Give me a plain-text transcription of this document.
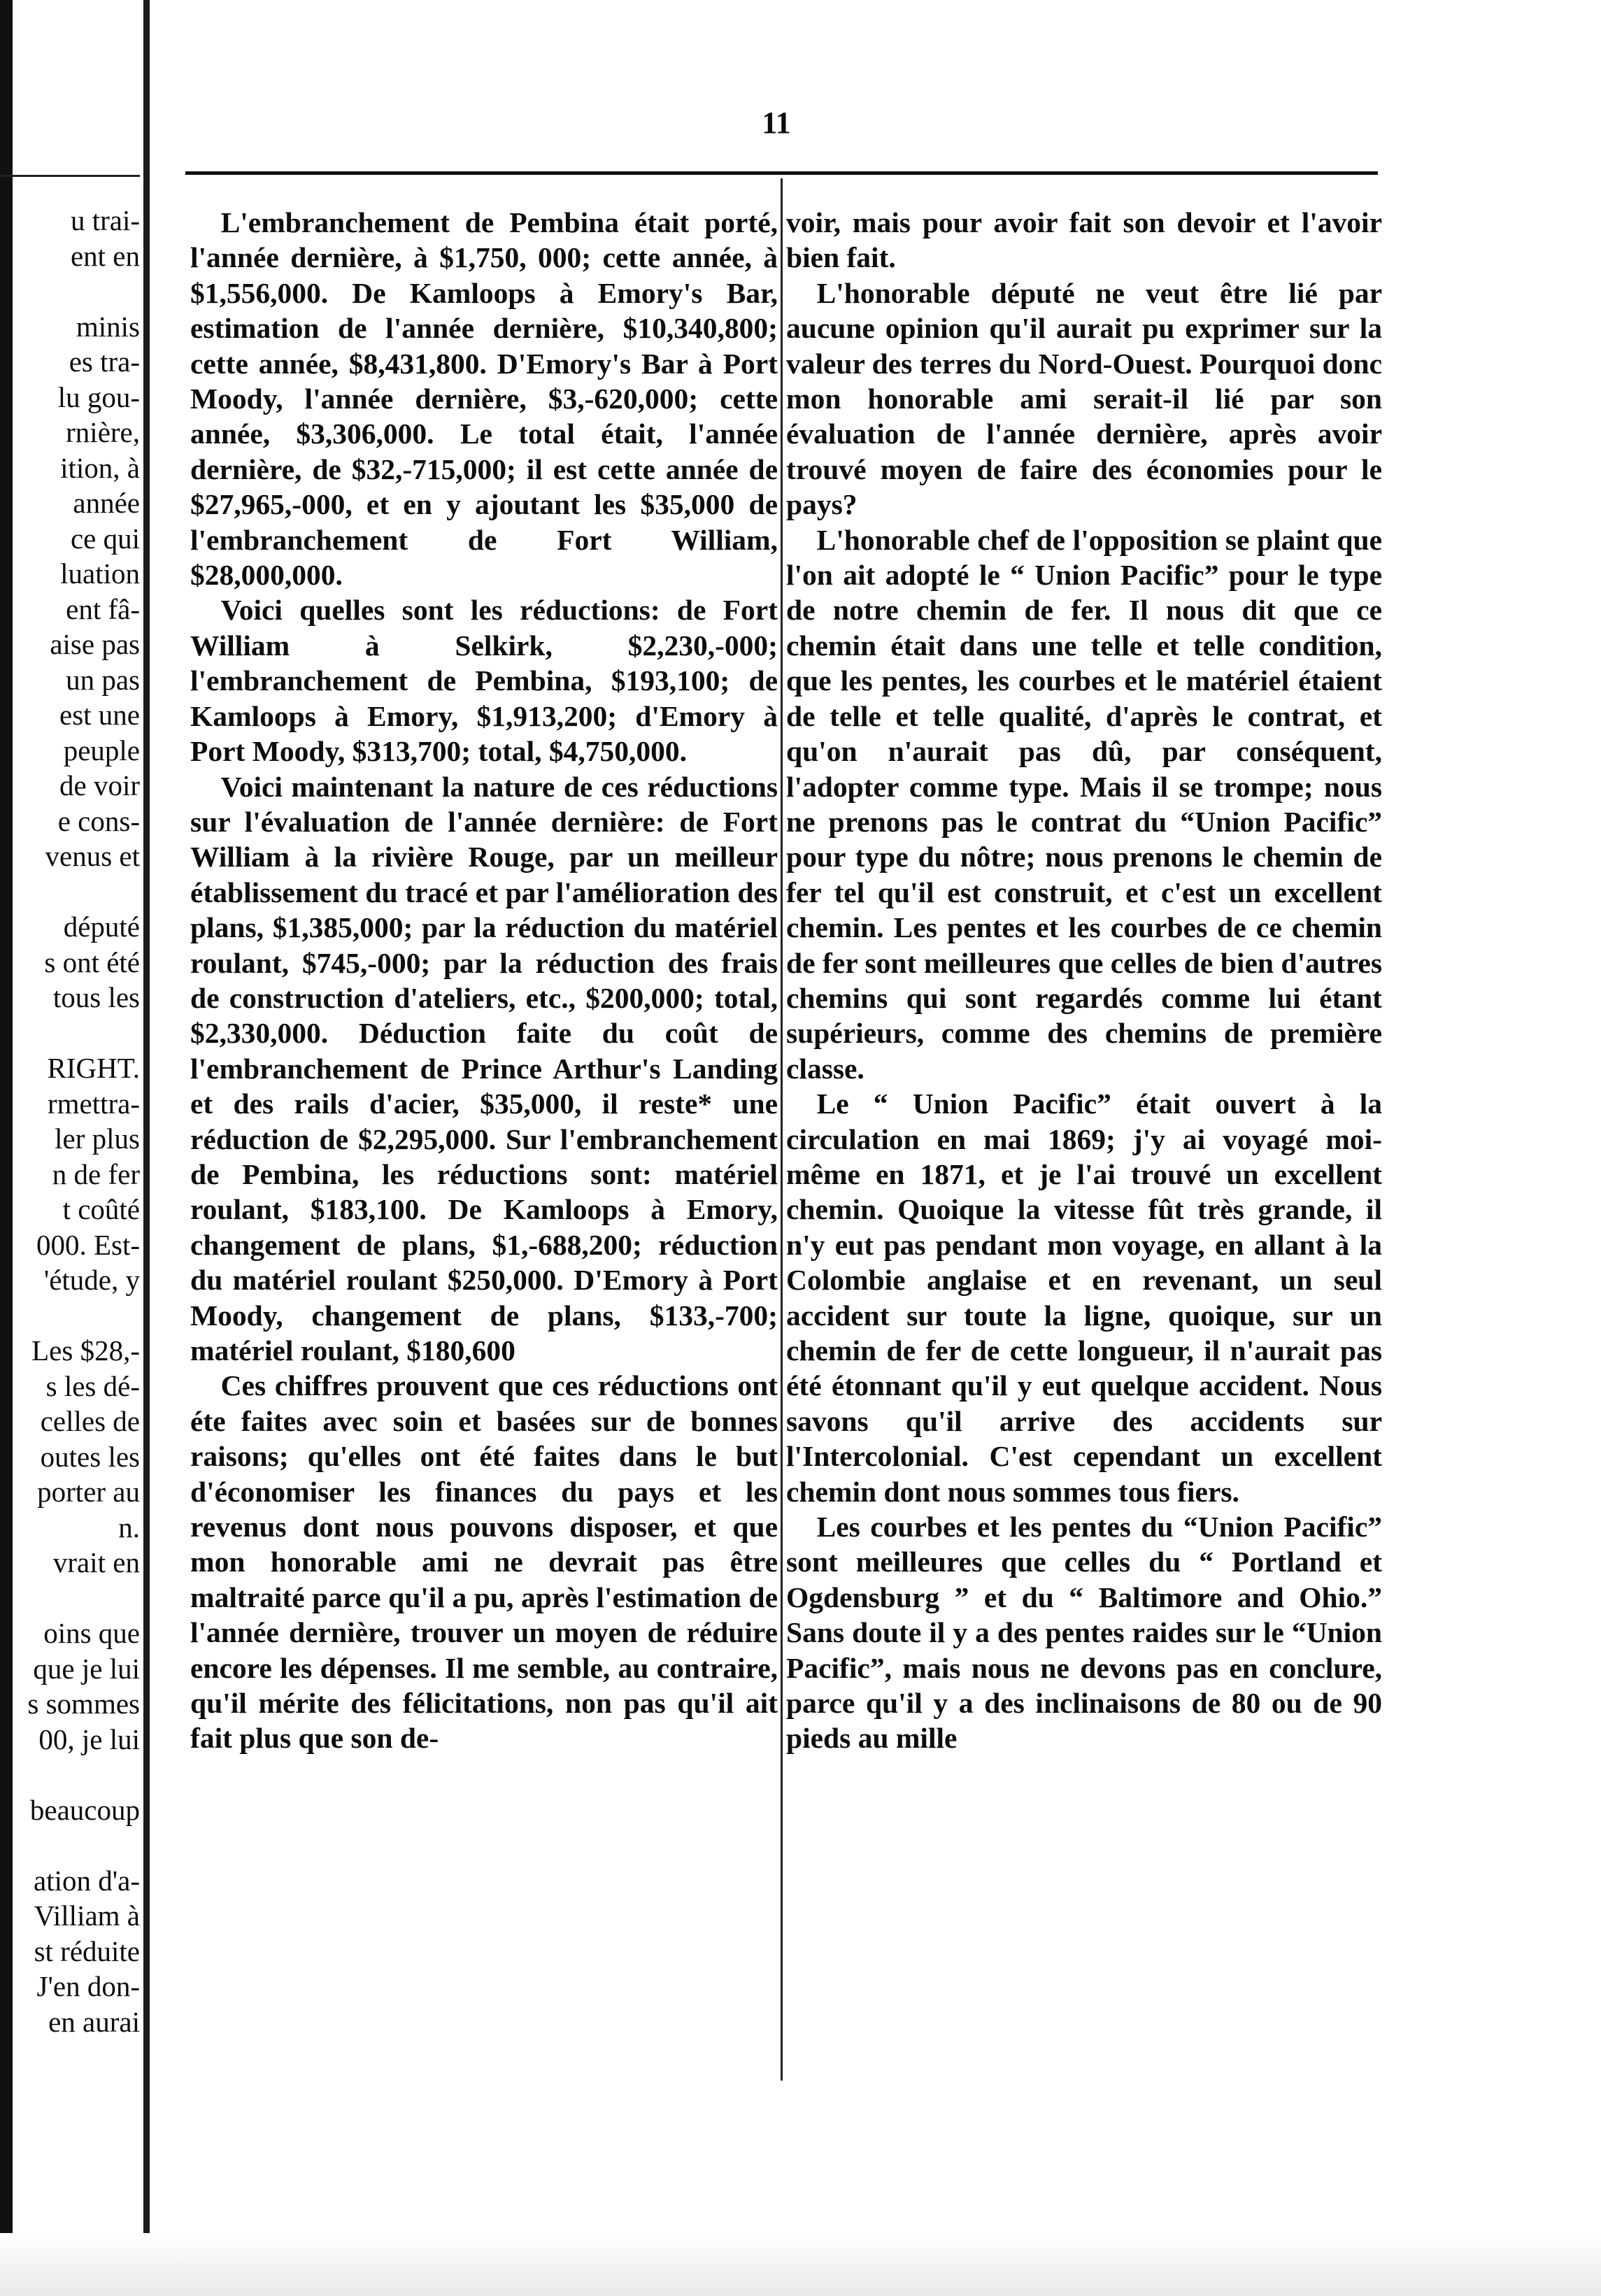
u trai-
ent en
minis
es tra-
lu gou-
rnière,
ition, à
année
ce qui
luation
ent fâ-
aise pas
un pas
est une
peuple
de voir
e cons-
venus et
député
s ont été
tous les
RIGHT.
rmettra-
ler plus
n de fer
t coûté
000. Est-
'étude, y
Les $28,-
s les dé-
celles de
outes les
porter au
n.
vrait en
oins que
que je lui
s sommes
00, je lui
beaucoup
ation d'a-
Villiam à
st réduite
J'en don-
en aurai
11

L'embranchement de Pembina était porté, l'année dernière, à $1,750, 000; cette année, à $1,556,000. De Kamloops à Emory's Bar, estimation de l'année dernière, $10,340,800; cette année, $8,431,800. D'Emory's Bar à Port Moody, l'année dernière, $3,-620,000; cette année, $3,306,000. Le total était, l'année dernière, de $32,-715,000; il est cette année de $27,965,-000, et en y ajoutant les $35,000 de l'embranchement de Fort William, $28,000,000.

Voici quelles sont les réductions: de Fort William à Selkirk, $2,230,-000; l'embranchement de Pembina, $193,100; de Kamloops à Emory, $1,913,200; d'Emory à Port Moody, $313,700; total, $4,750,000.

Voici maintenant la nature de ces réductions sur l'évaluation de l'année dernière: de Fort William à la rivière Rouge, par un meilleur établissement du tracé et par l'amélioration des plans, $1,385,000; par la réduction du matériel roulant, $745,-000; par la réduction des frais de construction d'ateliers, etc., $200,000; total, $2,330,000. Déduction faite du coût de l'embranchement de Prince Arthur's Landing et des rails d'acier, $35,000, il reste* une réduction de $2,295,000. Sur l'embranchement de Pembina, les réductions sont: matériel roulant, $183,100. De Kamloops à Emory, changement de plans, $1,-688,200; réduction du matériel roulant $250,000. D'Emory à Port Moody, changement de plans, $133,-700; matériel roulant, $180,600

Ces chiffres prouvent que ces réductions ont éte faites avec soin et basées sur de bonnes raisons; qu'elles ont été faites dans le but d'économiser les finances du pays et les revenus dont nous pouvons disposer, et que mon honorable ami ne devrait pas être maltraité parce qu'il a pu, après l'estimation de l'année dernière, trouver un moyen de réduire encore les dépenses. Il me semble, au contraire, qu'il mérite des félicitations, non pas qu'il ait fait plus que son de-

voir, mais pour avoir fait son devoir et l'avoir bien fait.

L'honorable député ne veut être lié par aucune opinion qu'il aurait pu exprimer sur la valeur des terres du Nord-Ouest. Pourquoi donc mon honorable ami serait-il lié par son évaluation de l'année dernière, après avoir trouvé moyen de faire des économies pour le pays?

L'honorable chef de l'opposition se plaint que l'on ait adopté le “ Union Pacific” pour le type de notre chemin de fer. Il nous dit que ce chemin était dans une telle et telle condition, que les pentes, les courbes et le matériel étaient de telle et telle qualité, d'après le contrat, et qu'on n'aurait pas dû, par conséquent, l'adopter comme type. Mais il se trompe; nous ne prenons pas le contrat du “Union Pacific” pour type du nôtre; nous prenons le chemin de fer tel qu'il est construit, et c'est un excellent chemin. Les pentes et les courbes de ce chemin de fer sont meilleures que celles de bien d'autres chemins qui sont regardés comme lui étant supérieurs, comme des chemins de première classe.

Le “ Union Pacific” était ouvert à la circulation en mai 1869; j'y ai voyagé moi-même en 1871, et je l'ai trouvé un excellent chemin. Quoique la vitesse fût très grande, il n'y eut pas pendant mon voyage, en allant à la Colombie anglaise et en revenant, un seul accident sur toute la ligne, quoique, sur un chemin de fer de cette longueur, il n'aurait pas été étonnant qu'il y eut quelque accident. Nous savons qu'il arrive des accidents sur l'Intercolonial. C'est cependant un excellent chemin dont nous sommes tous fiers.

Les courbes et les pentes du “Union Pacific” sont meilleures que celles du “ Portland et Ogdensburg ” et du “ Baltimore and Ohio.” Sans doute il y a des pentes raides sur le “Union Pacific”, mais nous ne devons pas en conclure, parce qu'il y a des inclinaisons de 80 ou de 90 pieds au mille
